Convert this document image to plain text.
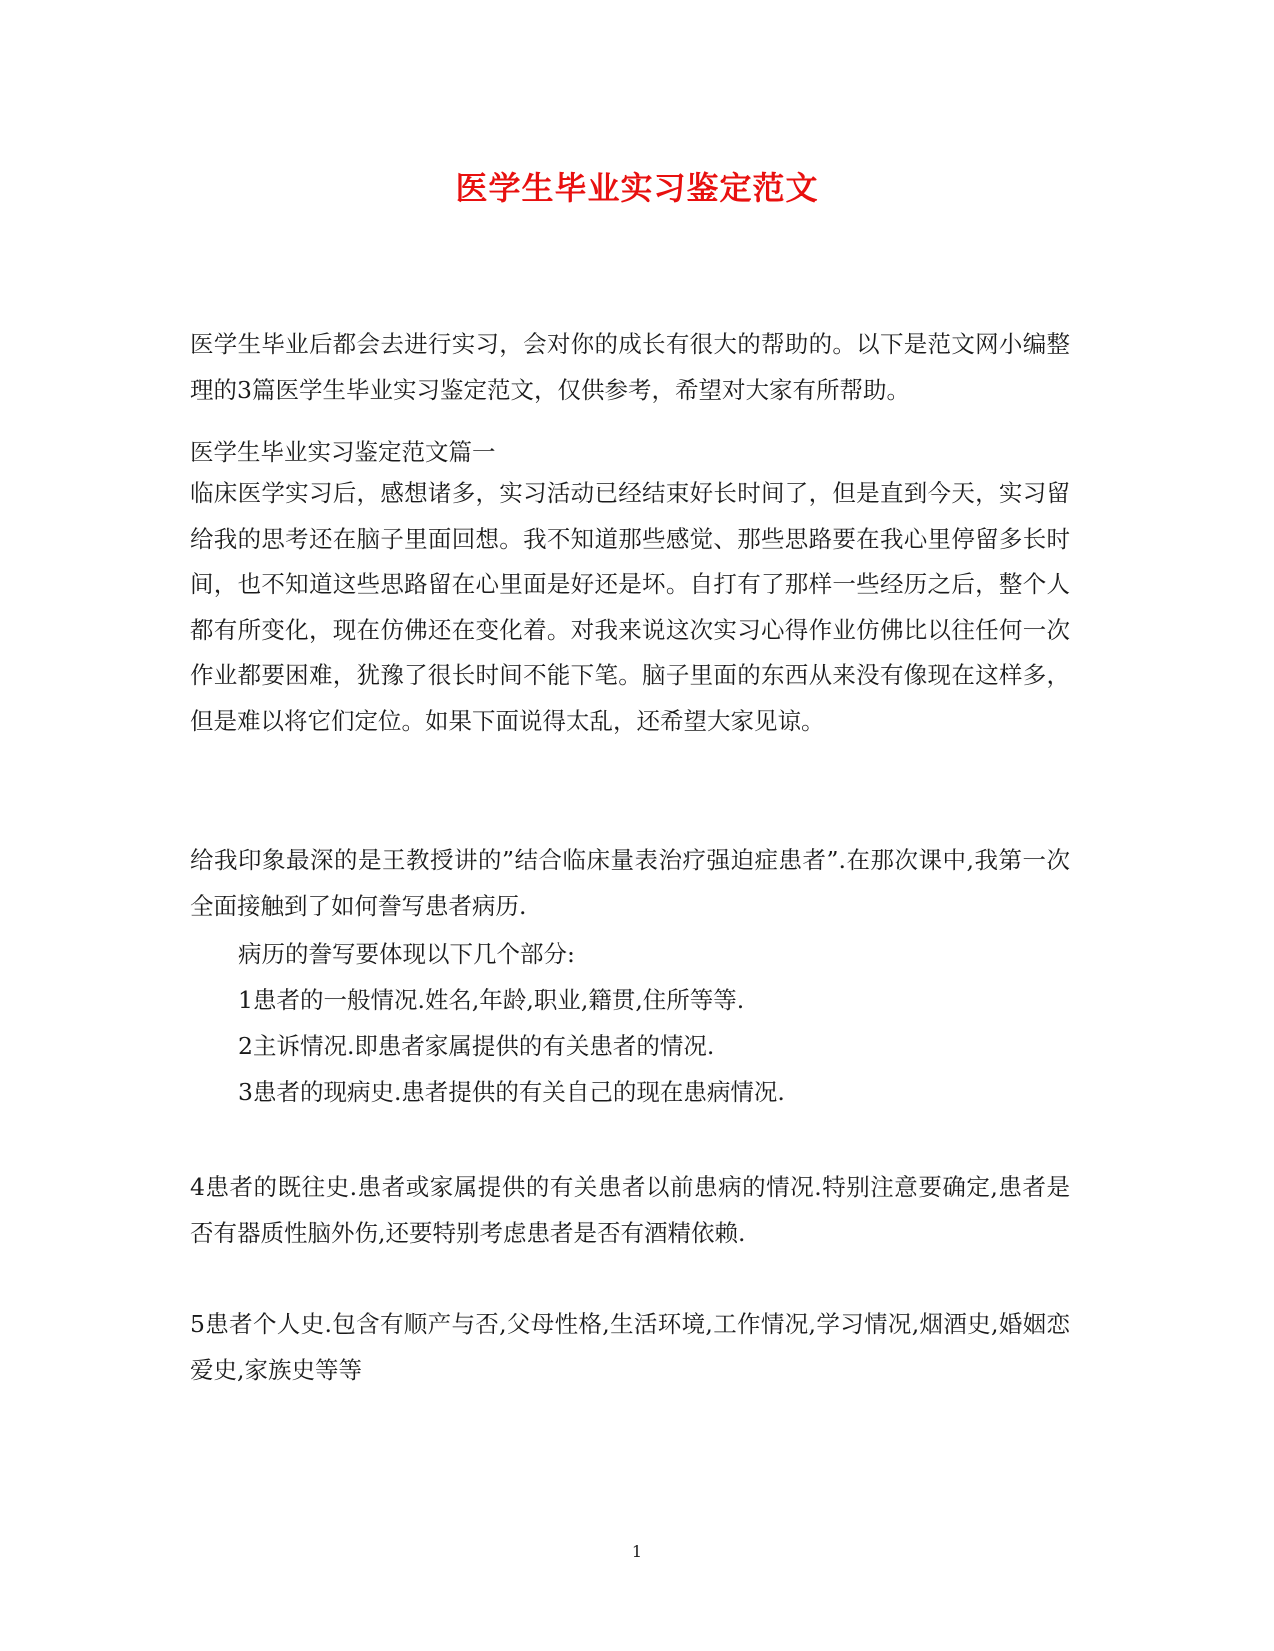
医学生毕业实习鉴定范文

医学生毕业后都会去进行实习，会对你的成长有很大的帮助的。以下是范文网小编整理的3篇医学生毕业实习鉴定范文，仅供参考，希望对大家有所帮助。

医学生毕业实习鉴定范文篇一

临床医学实习后，感想诸多，实习活动已经结束好长时间了，但是直到今天，实习留给我的思考还在脑子里面回想。我不知道那些感觉、那些思路要在我心里停留多长时间，也不知道这些思路留在心里面是好还是坏。自打有了那样一些经历之后，整个人都有所变化，现在仿佛还在变化着。对我来说这次实习心得作业仿佛比以往任何一次作业都要困难，犹豫了很长时间不能下笔。脑子里面的东西从来没有像现在这样多，但是难以将它们定位。如果下面说得太乱，还希望大家见谅。

给我印象最深的是王教授讲的”结合临床量表治疗强迫症患者”.在那次课中,我第一次全面接触到了如何誊写患者病历.

病历的誊写要体现以下几个部分:

1患者的一般情况.姓名,年龄,职业,籍贯,住所等等.

2主诉情况.即患者家属提供的有关患者的情况.

3患者的现病史.患者提供的有关自己的现在患病情况.

4患者的既往史.患者或家属提供的有关患者以前患病的情况.特别注意要确定,患者是否有器质性脑外伤,还要特别考虑患者是否有酒精依赖.

5患者个人史.包含有顺产与否,父母性格,生活环境,工作情况,学习情况,烟酒史,婚姻恋爱史,家族史等等

1
